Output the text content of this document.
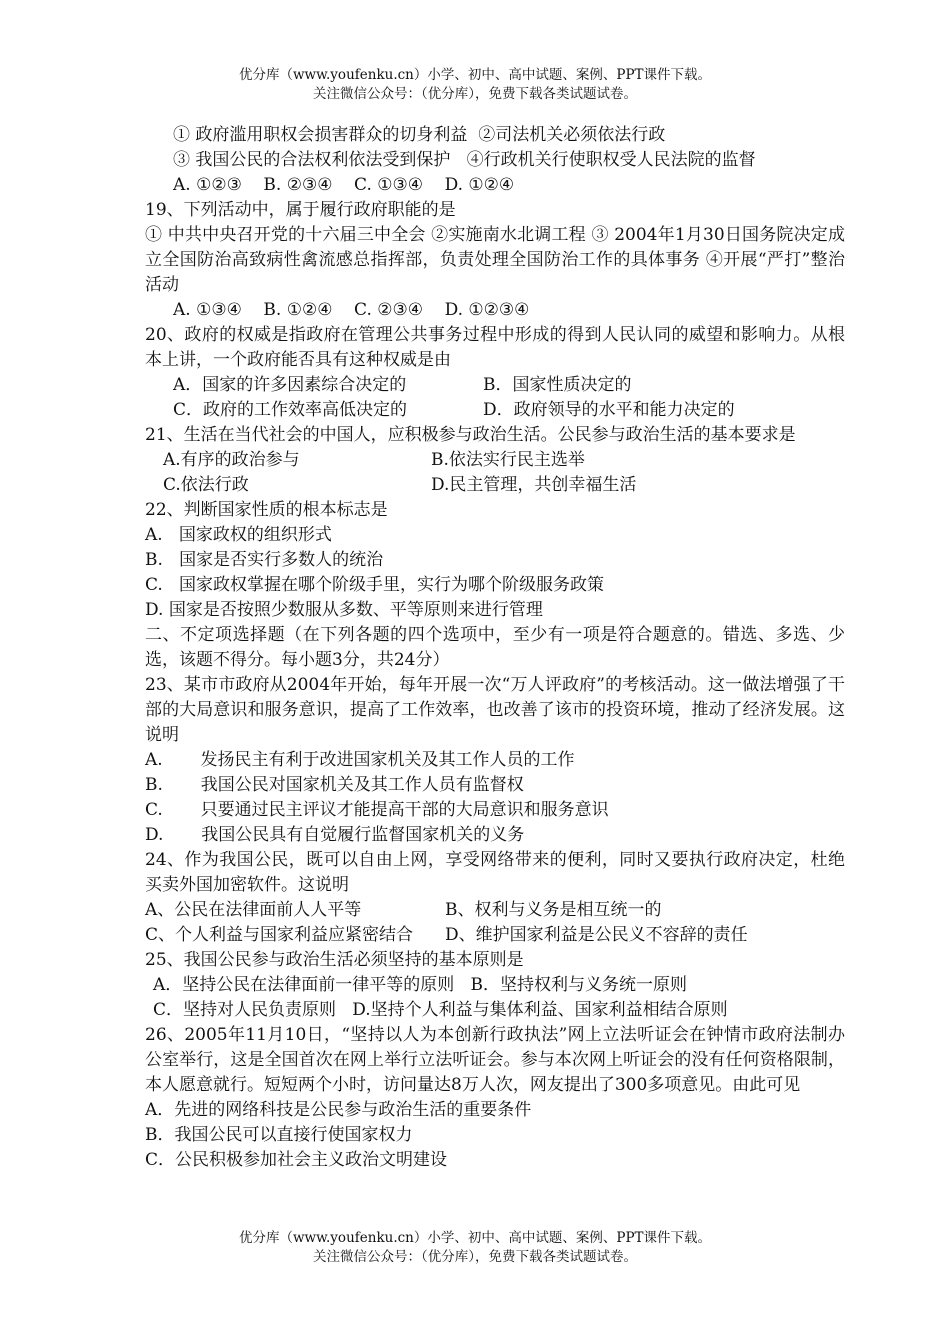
优分库（www.youfenku.cn）小学、初中、高中试题、案例、PPT课件下载。
关注微信公众号：（优分库），免费下载各类试题试卷。
① 政府滥用职权会损害群众的切身利益  ②司法机关必须依法行政
③ 我国公民的合法权利依法受到保护   ④行政机关行使职权受人民法院的监督
A. ①②③    B. ②③④    C. ①③④    D. ①②④
19、下列活动中，属于履行政府职能的是
① 中共中央召开党的十六届三中全会 ②实施南水北调工程 ③ 2004年1月30日国务院决定成立全国防治高致病性禽流感总指挥部，负责处理全国防治工作的具体事务 ④开展“严打”整治活动
A. ①③④    B. ①②④    C. ②③④    D. ①②③④
20、政府的权威是指政府在管理公共事务过程中形成的得到人民认同的威望和影响力。从根本上讲，一个政府能否具有这种权威是由
A．国家的许多因素综合决定的	B．国家性质决定的
C．政府的工作效率高低决定的	D．政府领导的水平和能力决定的
21、生活在当代社会的中国人，应积极参与政治生活。公民参与政治生活的基本要求是
A.有序的政治参与	B.依法实行民主选举
C.依法行政	D.民主管理，共创幸福生活
22、判断国家性质的根本标志是
A.   国家政权的组织形式
B.   国家是否实行多数人的统治
C.   国家政权掌握在哪个阶级手里，实行为哪个阶级服务政策
D. 国家是否按照少数服从多数、平等原则来进行管理
二、不定项选择题（在下列各题的四个选项中，至少有一项是符合题意的。错选、多选、少选，该题不得分。每小题3分，共24分）
23、某市市政府从2004年开始，每年开展一次“万人评政府”的考核活动。这一做法增强了干部的大局意识和服务意识，提高了工作效率，也改善了该市的投资环境，推动了经济发展。这说明
A.       发扬民主有利于改进国家机关及其工作人员的工作
B.       我国公民对国家机关及其工作人员有监督权
C.       只要通过民主评议才能提高干部的大局意识和服务意识
D.       我国公民具有自觉履行监督国家机关的义务
24、作为我国公民，既可以自由上网，享受网络带来的便利，同时又要执行政府决定，杜绝买卖外国加密软件。这说明
A、公民在法律面前人人平等	B、权利与义务是相互统一的
C、个人利益与国家利益应紧密结合	D、维护国家利益是公民义不容辞的责任
25、我国公民参与政治生活必须坚持的基本原则是
A．坚持公民在法律面前一律平等的原则   B．坚持权利与义务统一原则
C．坚持对人民负责原则   D.坚持个人利益与集体利益、国家利益相结合原则
26、2005年11月10日，“坚持以人为本创新行政执法”网上立法听证会在钟情市政府法制办公室举行，这是全国首次在网上举行立法听证会。参与本次网上听证会的没有任何资格限制，本人愿意就行。短短两个小时，访问量达8万人次，网友提出了300多项意见。由此可见
A．先进的网络科技是公民参与政治生活的重要条件
B．我国公民可以直接行使国家权力
C．公民积极参加社会主义政治文明建设
优分库（www.youfenku.cn）小学、初中、高中试题、案例、PPT课件下载。
关注微信公众号：（优分库），免费下载各类试题试卷。
